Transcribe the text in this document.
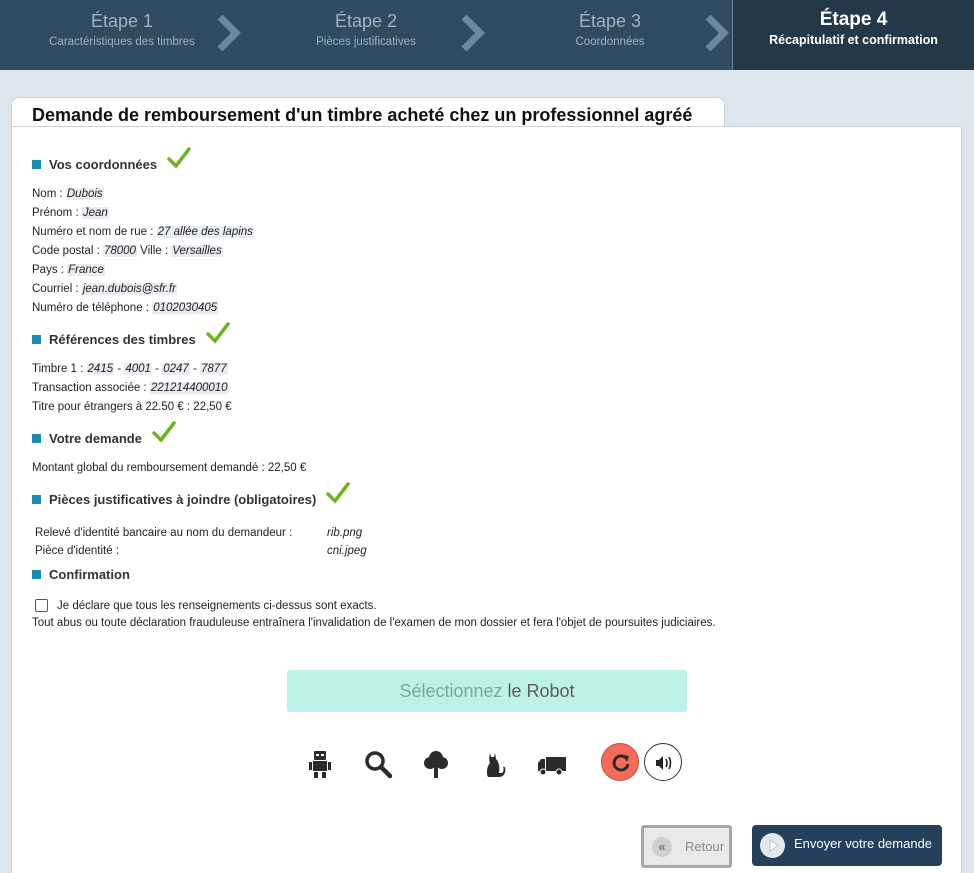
Étape 1
Caractéristiques des timbres
Étape 2
Pièces justificatives
Étape 3
Coordonnées
Étape 4
Récapitulatif et confirmation
Demande de remboursement d'un timbre acheté chez un professionnel agréé
Vos coordonnées
Nom : Dubois
Prénom : Jean
Numéro et nom de rue : 27 allée des lapins
Code postal : 78000 Ville : Versailles
Pays : France
Courriel : jean.dubois@sfr.fr
Numéro de téléphone : 0102030405
Références des timbres
Timbre 1 : 2415 - 4001 - 0247 - 7877
Transaction associée : 221214400010
Titre pour étrangers à 22.50 € : 22,50 €
Votre demande
Montant global du remboursement demandé : 22,50 €
Pièces justificatives à joindre (obligatoires)
Relevé d'identité bancaire au nom du demandeur :	rib.png
Pièce d'identité :	cni.jpeg
Confirmation
Je déclare que tous les renseignements ci-dessus sont exacts.
Tout abus ou toute déclaration frauduleuse entraînera l'invalidation de l'examen de mon dossier et fera l'objet de poursuites judiciaires.
Sélectionnez le Robot
«	Retour	Envoyer votre demande
